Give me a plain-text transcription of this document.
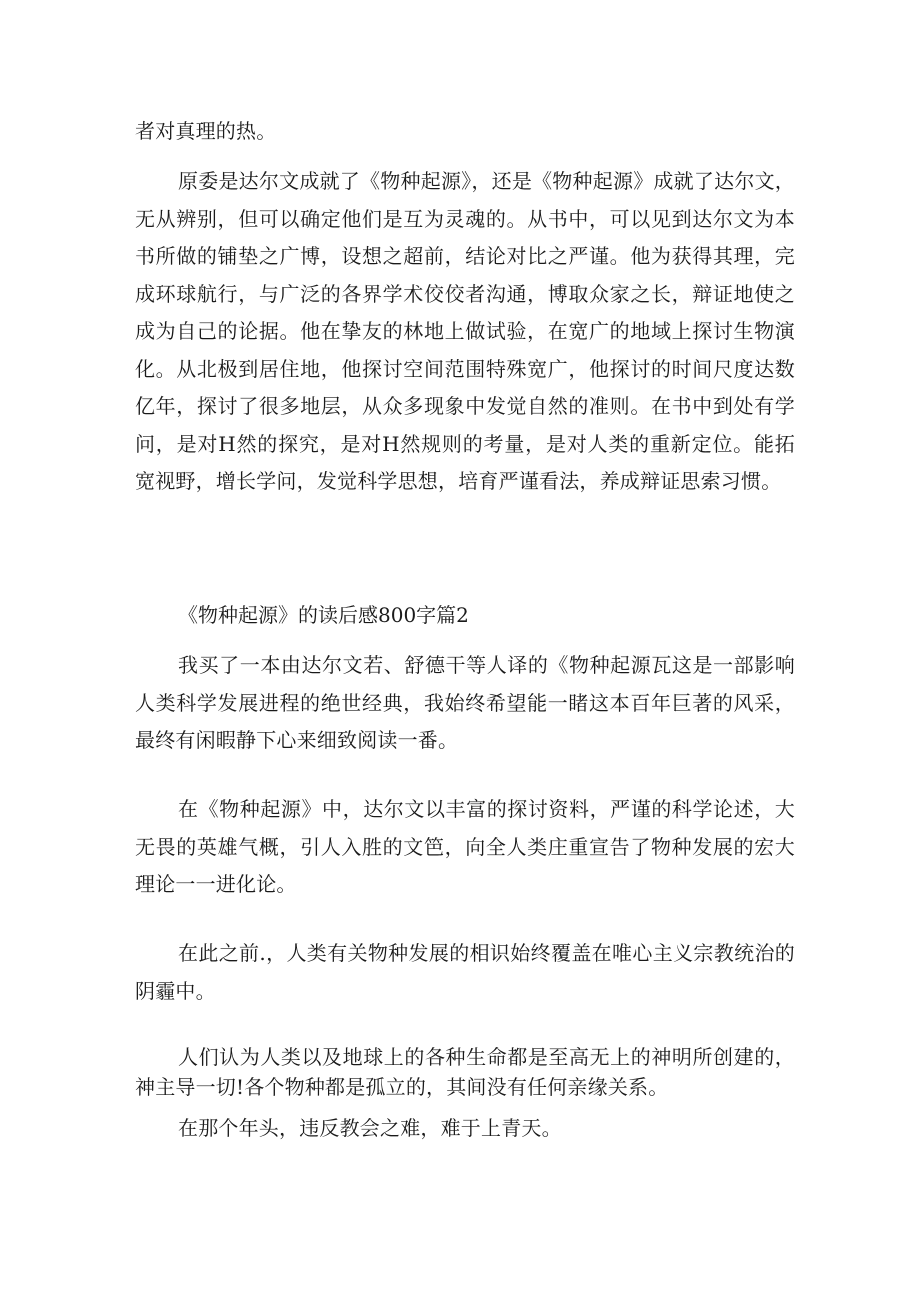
者对真理的热。

原委是达尔文成就了《物种起源》，还是《物种起源》成就了达尔文，无从辨别，但可以确定他们是互为灵魂的。从书中，可以见到达尔文为本书所做的铺垫之广博，设想之超前，结论对比之严谨。他为获得其理，完成环球航行，与广泛的各界学术佼佼者沟通，博取众家之长，辩证地使之成为自己的论据。他在挚友的林地上做试验，在宽广的地域上探讨生物演化。从北极到居住地，他探讨空间范围特殊宽广，他探讨的时间尺度达数亿年，探讨了很多地层，从众多现象中发觉自然的准则。在书中到处有学问，是对H然的探究，是对H然规则的考量，是对人类的重新定位。能拓宽视野，增长学问，发觉科学思想，培育严谨看法，养成辩证思索习惯。

《物种起源》的读后感800字篇2

我买了一本由达尔文若、舒德干等人译的《物种起源瓦这是一部影响人类科学发展进程的绝世经典，我始终希望能一睹这本百年巨著的风采，最终有闲暇静下心来细致阅读一番。

在《物种起源》中，达尔文以丰富的探讨资料，严谨的科学论述，大无畏的英雄气概，引人入胜的文笆，向全人类庄重宣告了物种发展的宏大理论一一进化论。

在此之前.，人类有关物种发展的相识始终覆盖在唯心主义宗教统治的阴霾中。

人们认为人类以及地球上的各种生命都是至高无上的神明所创建的，神主导一切!各个物种都是孤立的，其间没有任何亲缘关系。

在那个年头，违反教会之难，难于上青天。
